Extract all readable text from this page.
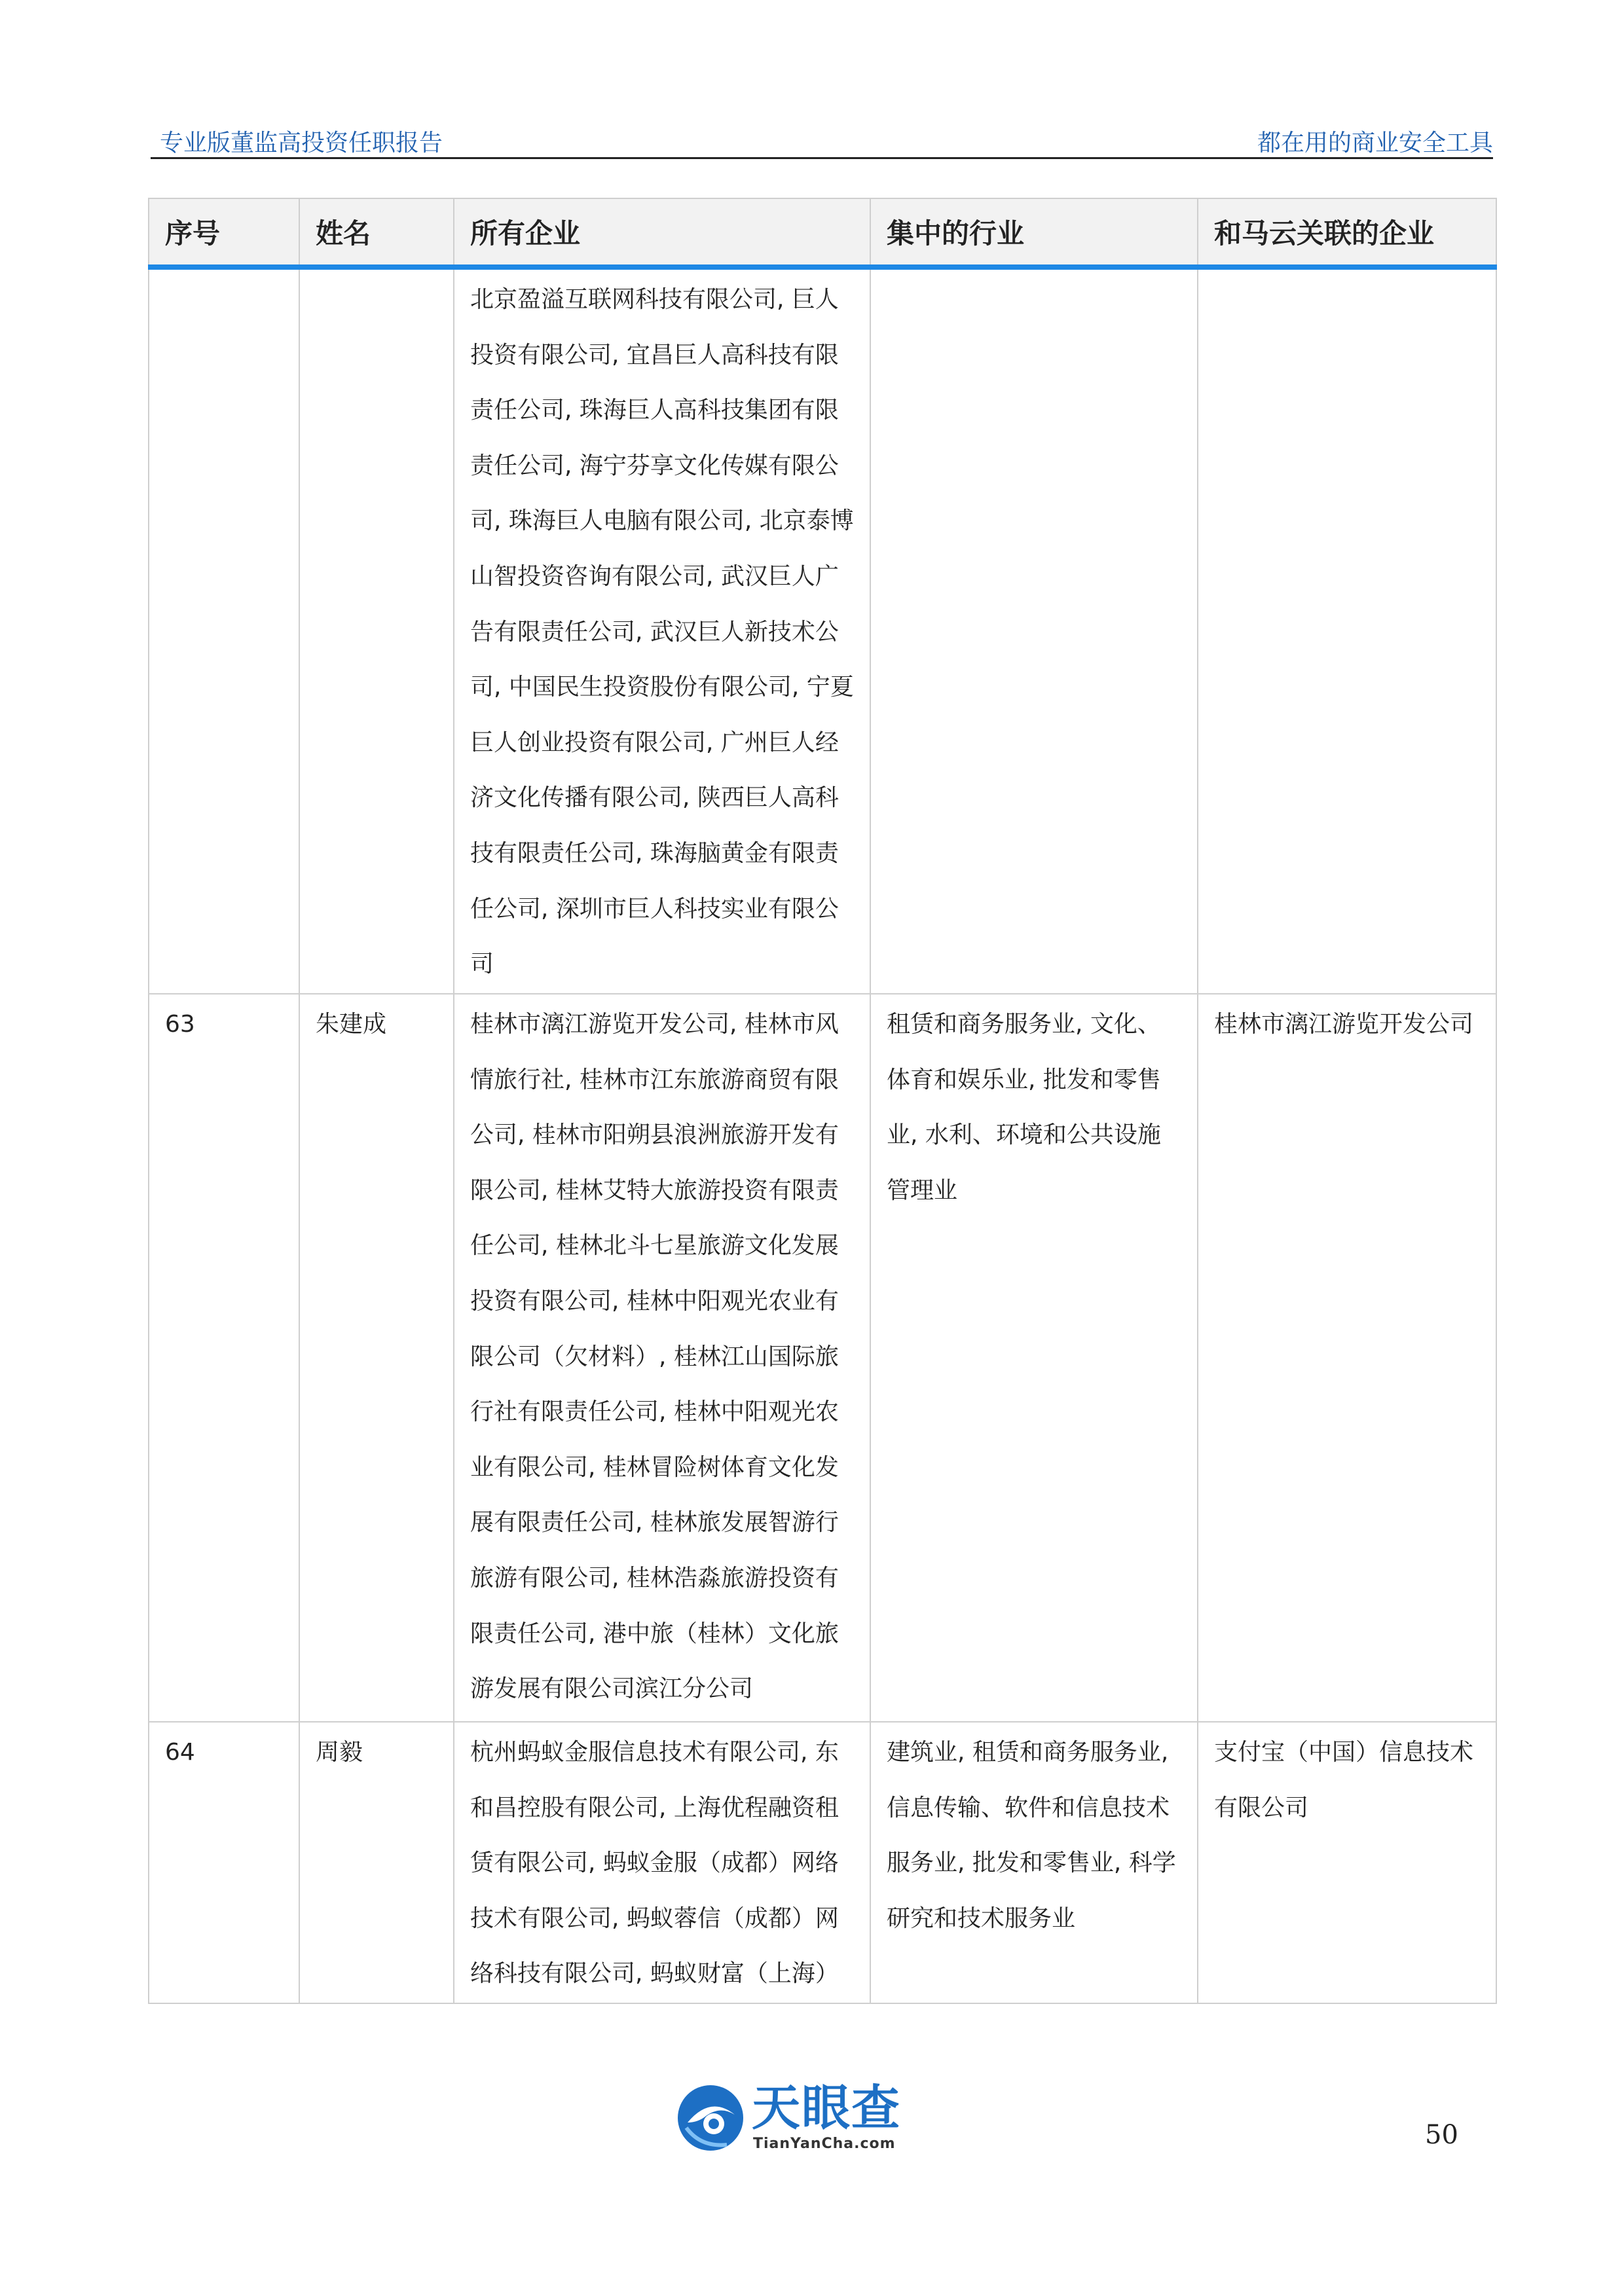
专业版董监高投资任职报告	都在用的商业安全工具
序号	姓名	所有企业	集中的行业	和马云关联的企业

		北京盈溢互联网科技有限公司, 巨人投资有限公司, 宜昌巨人高科技有限责任公司, 珠海巨人高科技集团有限责任公司, 海宁芬享文化传媒有限公司, 珠海巨人电脑有限公司, 北京泰博山智投资咨询有限公司, 武汉巨人广告有限责任公司, 武汉巨人新技术公司, 中国民生投资股份有限公司, 宁夏巨人创业投资有限公司, 广州巨人经济文化传播有限公司, 陕西巨人高科技有限责任公司, 珠海脑黄金有限责任公司, 深圳市巨人科技实业有限公司		

63	朱建成	桂林市漓江游览开发公司, 桂林市风情旅行社, 桂林市江东旅游商贸有限公司, 桂林市阳朔县浪洲旅游开发有限公司, 桂林艾特大旅游投资有限责任公司, 桂林北斗七星旅游文化发展投资有限公司, 桂林中阳观光农业有限公司（欠材料）, 桂林江山国际旅行社有限责任公司, 桂林中阳观光农业有限公司, 桂林冒险树体育文化发展有限责任公司, 桂林旅发展智游行旅游有限公司, 桂林浩淼旅游投资有限责任公司, 港中旅（桂林）文化旅游发展有限公司滨江分公司	租赁和商务服务业, 文化、体育和娱乐业, 批发和零售业, 水利、环境和公共设施管理业	桂林市漓江游览开发公司
64	周毅	杭州蚂蚁金服信息技术有限公司, 东和昌控股有限公司, 上海优程融资租赁有限公司, 蚂蚁金服（成都）网络技术有限公司, 蚂蚁蓉信（成都）网络科技有限公司, 蚂蚁财富（上海）	建筑业, 租赁和商务服务业, 信息传输、软件和信息技术服务业, 批发和零售业, 科学研究和技术服务业	支付宝（中国）信息技术有限公司
天眼查
TianYanCha.com	50
